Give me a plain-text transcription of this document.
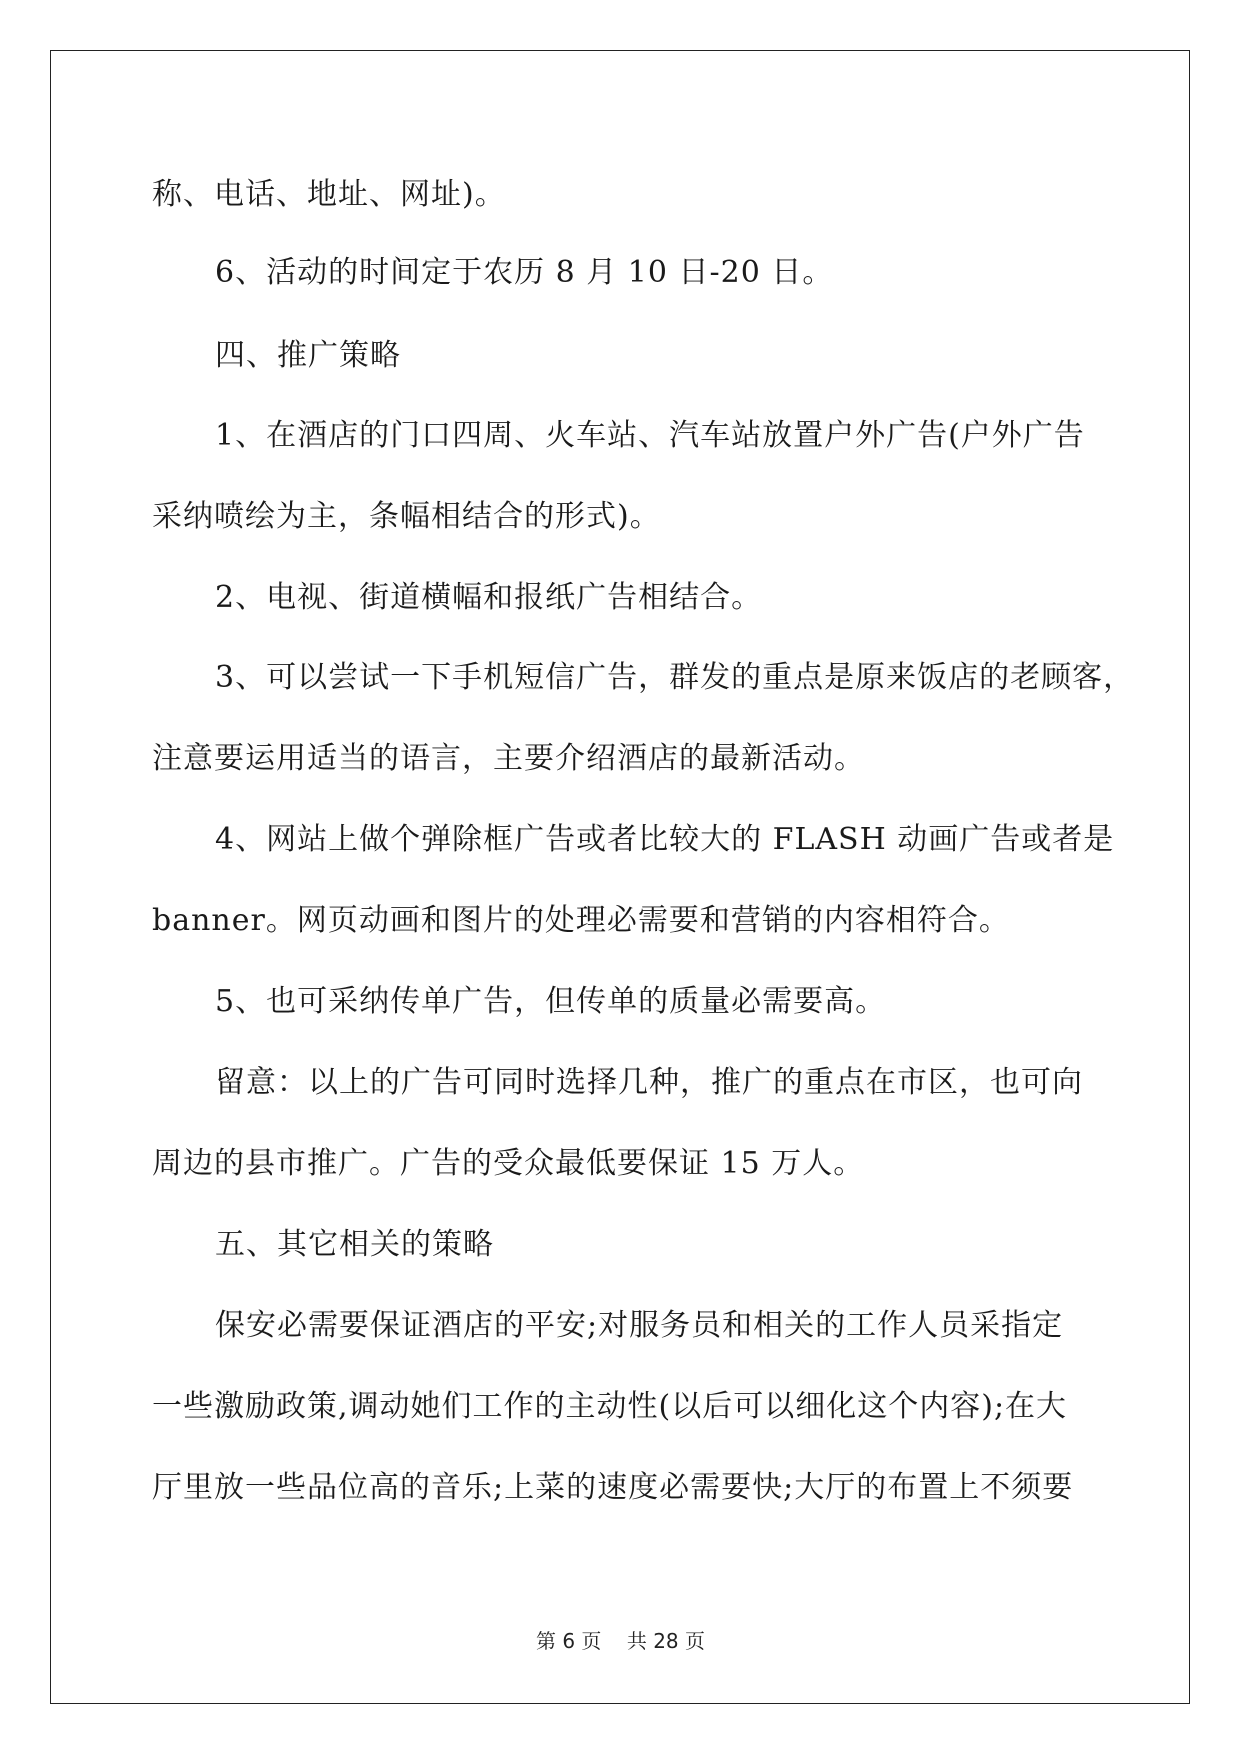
称、电话、地址、网址)。
6、活动的时间定于农历 8 月 10 日-20 日。
四、推广策略
1、在酒店的门口四周、火车站、汽车站放置户外广告(户外广告
采纳喷绘为主，条幅相结合的形式)。
2、电视、街道横幅和报纸广告相结合。
3、可以尝试一下手机短信广告，群发的重点是原来饭店的老顾客，
注意要运用适当的语言，主要介绍酒店的最新活动。
4、网站上做个弹除框广告或者比较大的 FLASH 动画广告或者是
banner。网页动画和图片的处理必需要和营销的内容相符合。
5、也可采纳传单广告，但传单的质量必需要高。
留意：以上的广告可同时选择几种，推广的重点在市区，也可向
周边的县市推广。广告的受众最低要保证 15 万人。
五、其它相关的策略
保安必需要保证酒店的平安;对服务员和相关的工作人员采指定
一些激励政策,调动她们工作的主动性(以后可以细化这个内容);在大
厅里放一些品位高的音乐;上菜的速度必需要快;大厅的布置上不须要
第 6 页    共 28 页
